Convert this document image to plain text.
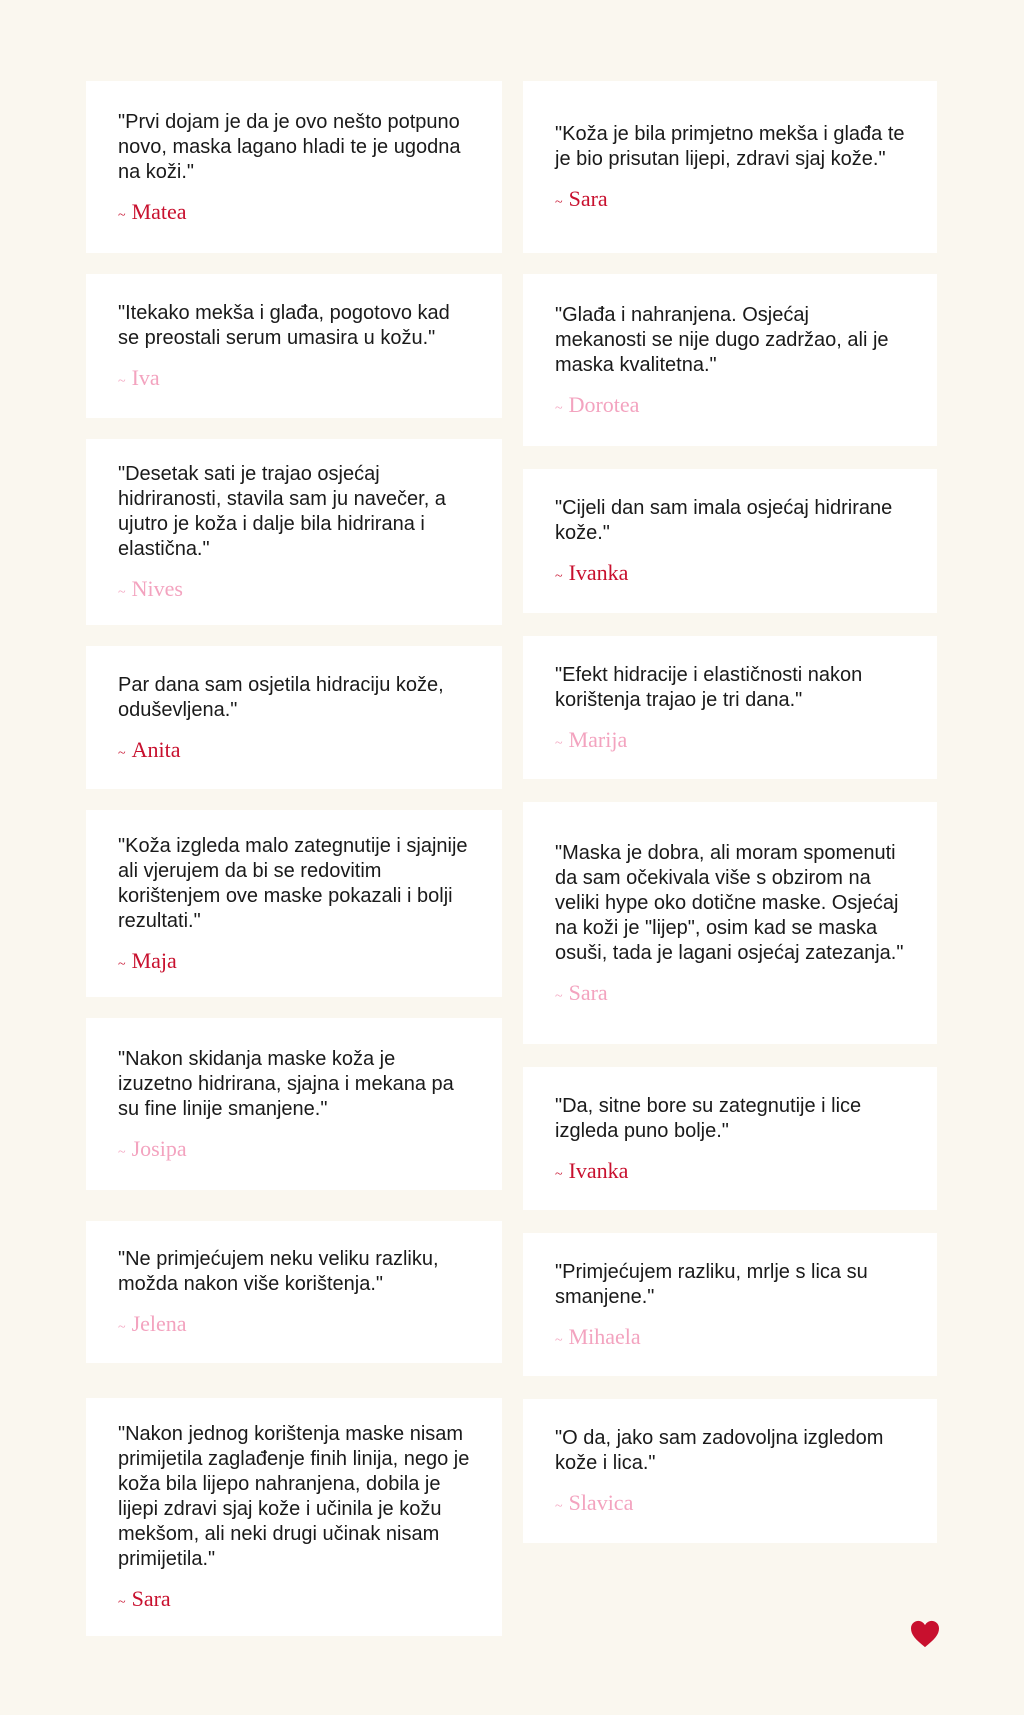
"Prvi dojam je da je ovo nešto potpuno novo, maska lagano hladi te je ugodna na koži."

~ Matea

"Itekako mekša i glađa, pogotovo kad se preostali serum umasira u kožu."

~ Iva

"Desetak sati je trajao osjećaj hidriranosti, stavila sam ju navečer, a ujutro je koža i dalje bila hidrirana i elastična."

~ Nives

Par dana sam osjetila hidraciju kože, oduševljena."

~ Anita

"Koža izgleda malo zategnutije i sjajnije ali vjerujem da bi se redovitim korištenjem ove maske pokazali i bolji rezultati."

~ Maja

"Nakon skidanja maske koža je izuzetno hidrirana, sjajna i mekana pa su fine linije smanjene."

~ Josipa

"Ne primjećujem neku veliku razliku, možda nakon više korištenja."

~ Jelena

"Nakon jednog korištenja maske nisam primijetila zaglađenje finih linija, nego je koža bila lijepo nahranjena, dobila je lijepi zdravi sjaj kože i učinila je kožu mekšom, ali neki drugi učinak nisam primijetila."

~ Sara

"Koža je bila primjetno mekša i glađa te je bio prisutan lijepi, zdravi sjaj kože."

~ Sara

"Glađa i nahranjena. Osjećaj mekanosti se nije dugo zadržao, ali je maska kvalitetna."

~ Dorotea

"Cijeli dan sam imala osjećaj hidrirane kože."

~ Ivanka

"Efekt hidracije i elastičnosti nakon korištenja trajao je tri dana."

~ Marija

"Maska je dobra, ali moram spomenuti da sam očekivala više s obzirom na veliki hype oko dotične maske. Osjećaj na koži je "lijep", osim kad se maska osuši, tada je lagani osjećaj zatezanja."

~ Sara

"Da, sitne bore su zategnutije i lice izgleda puno bolje."

~ Ivanka

"Primjećujem razliku, mrlje s lica su smanjene."

~ Mihaela

"O da, jako sam zadovoljna izgledom kože i lica."

~ Slavica
